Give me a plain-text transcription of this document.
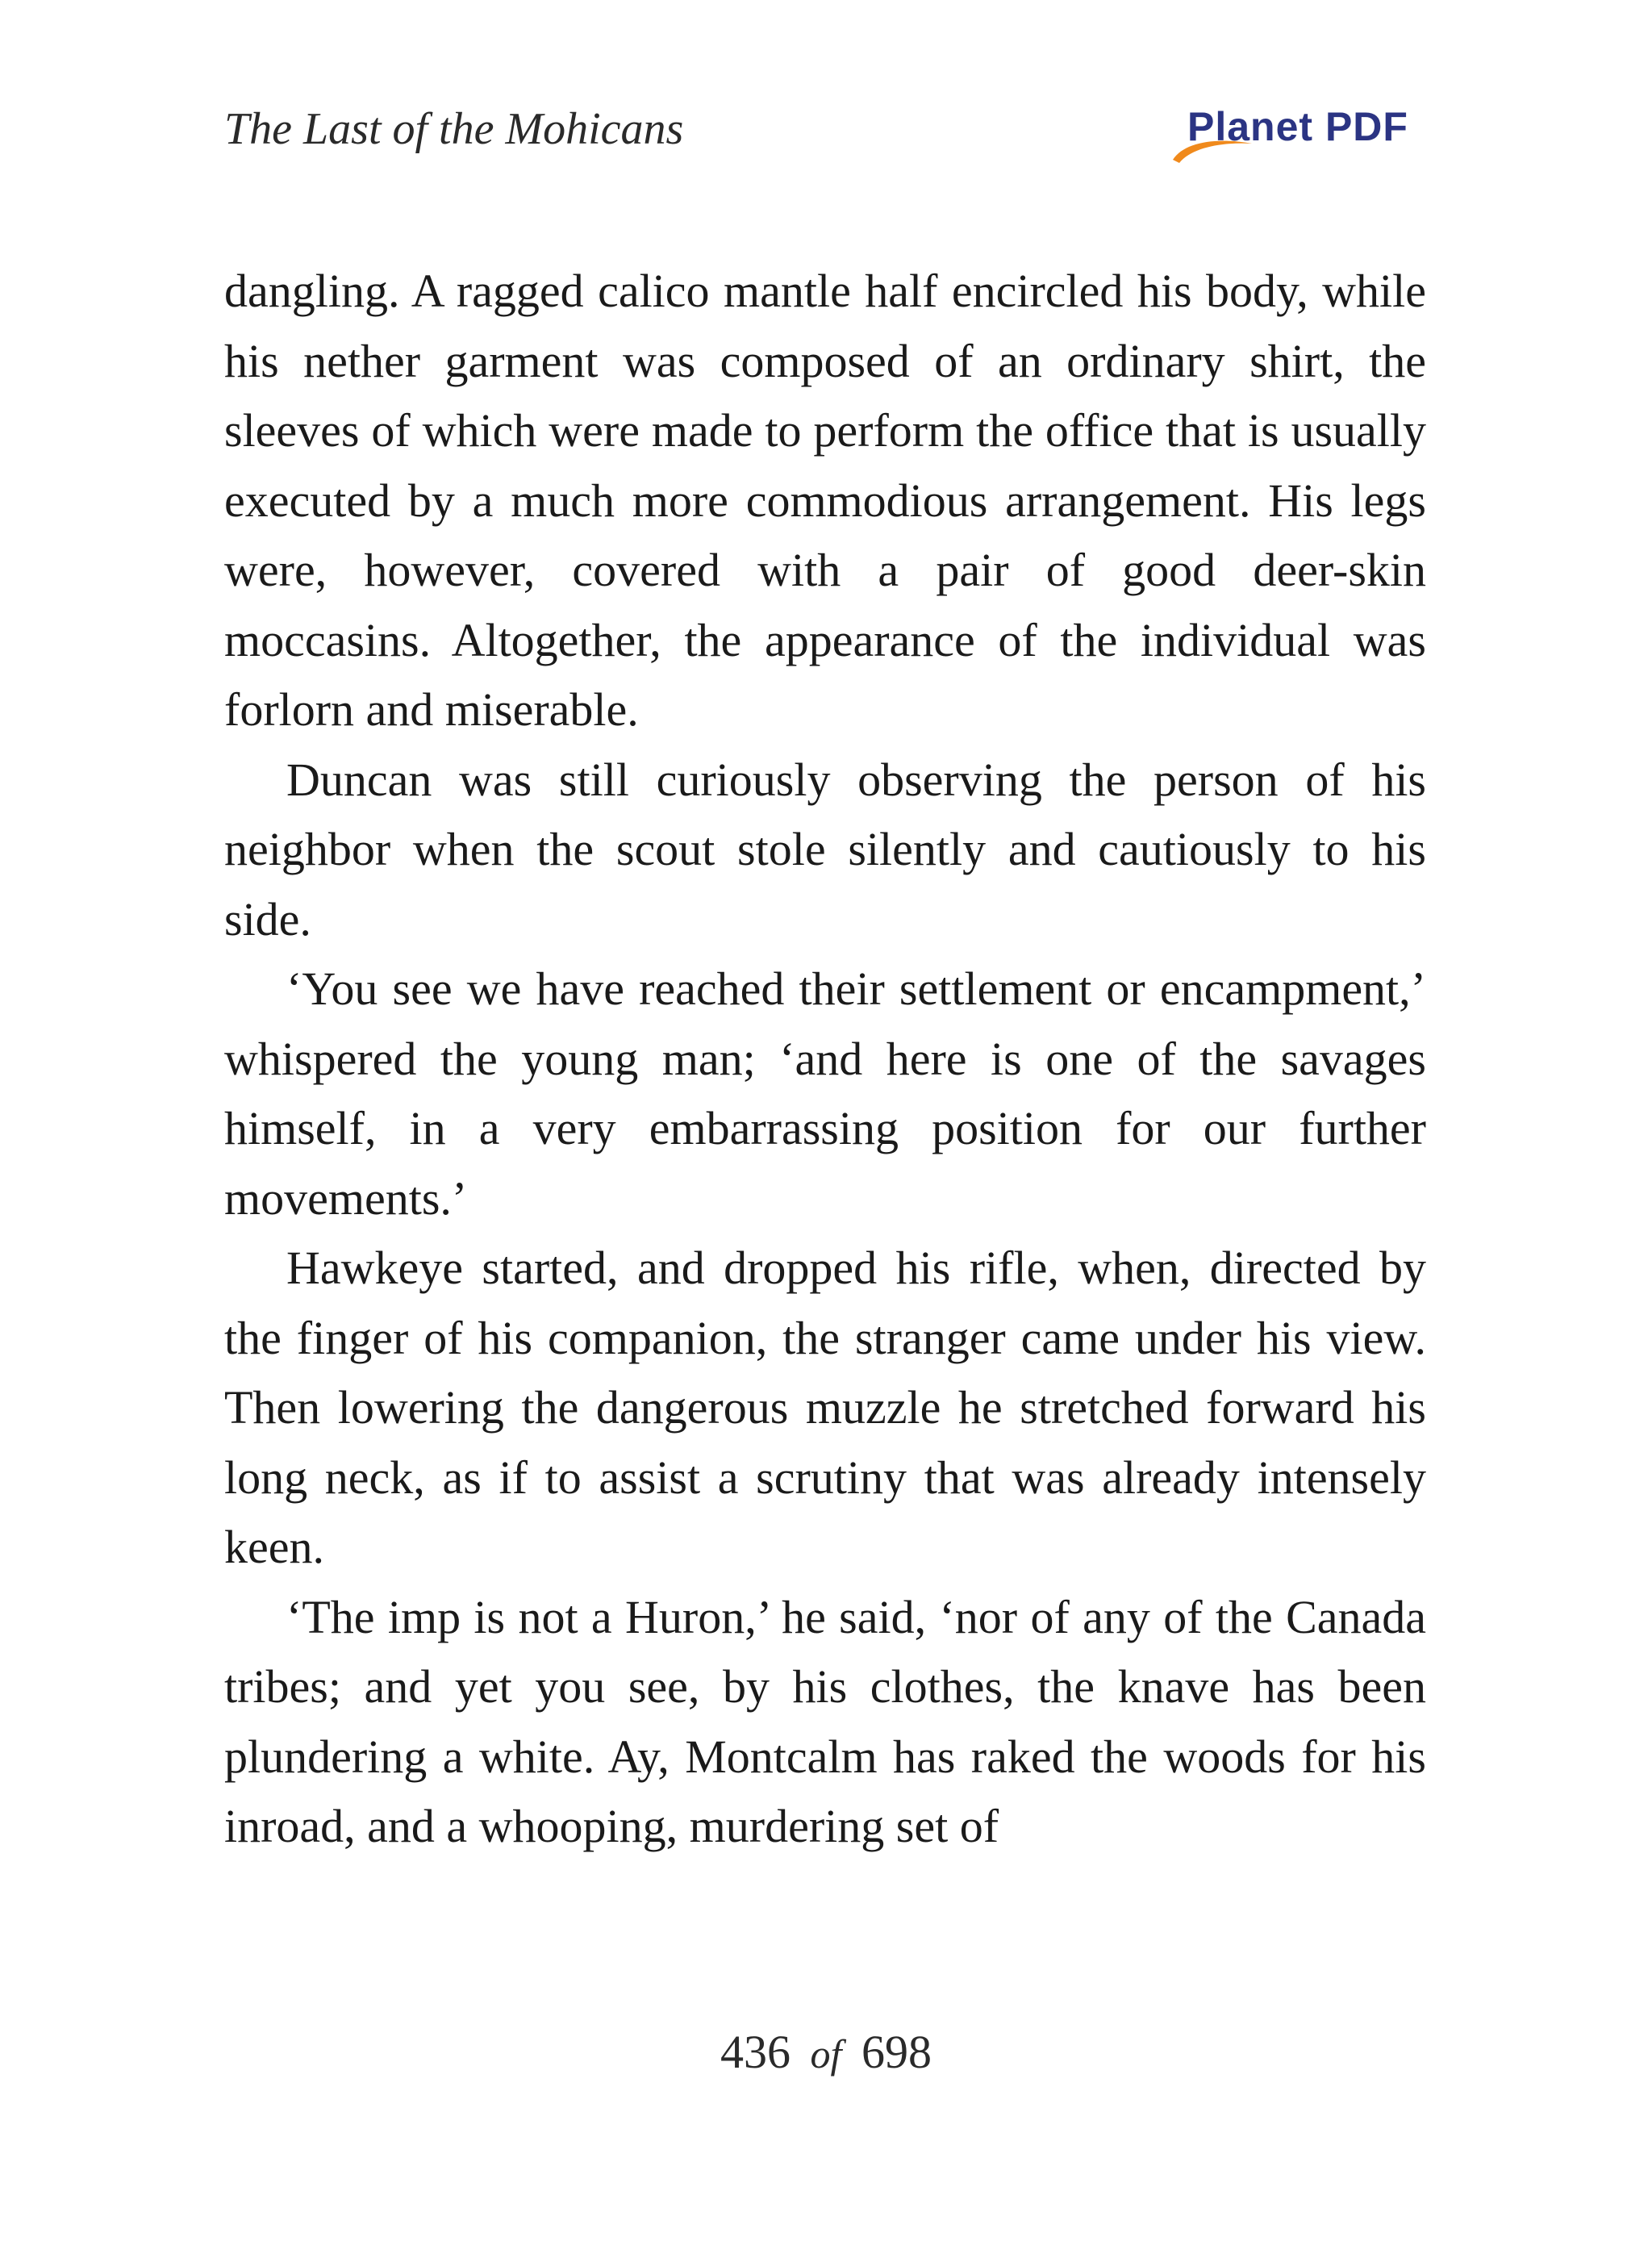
The Last of the Mohicans	Planet PDF

dangling. A ragged calico mantle half encircled his body, while his nether garment was composed of an ordinary shirt, the sleeves of which were made to perform the office that is usually executed by a much more commodious arrangement. His legs were, however, covered with a pair of good deer-skin moccasins. Altogether, the appearance of the individual was forlorn and miserable.

Duncan was still curiously observing the person of his neighbor when the scout stole silently and cautiously to his side.

‘You see we have reached their settlement or encampment,’ whispered the young man; ‘and here is one of the savages himself, in a very embarrassing position for our further movements.’

Hawkeye started, and dropped his rifle, when, directed by the finger of his companion, the stranger came under his view. Then lowering the dangerous muzzle he stretched forward his long neck, as if to assist a scrutiny that was already intensely keen.

‘The imp is not a Huron,’ he said, ‘nor of any of the Canada tribes; and yet you see, by his clothes, the knave has been plundering a white. Ay, Montcalm has raked the woods for his inroad, and a whooping, murdering set of

436 of 698
